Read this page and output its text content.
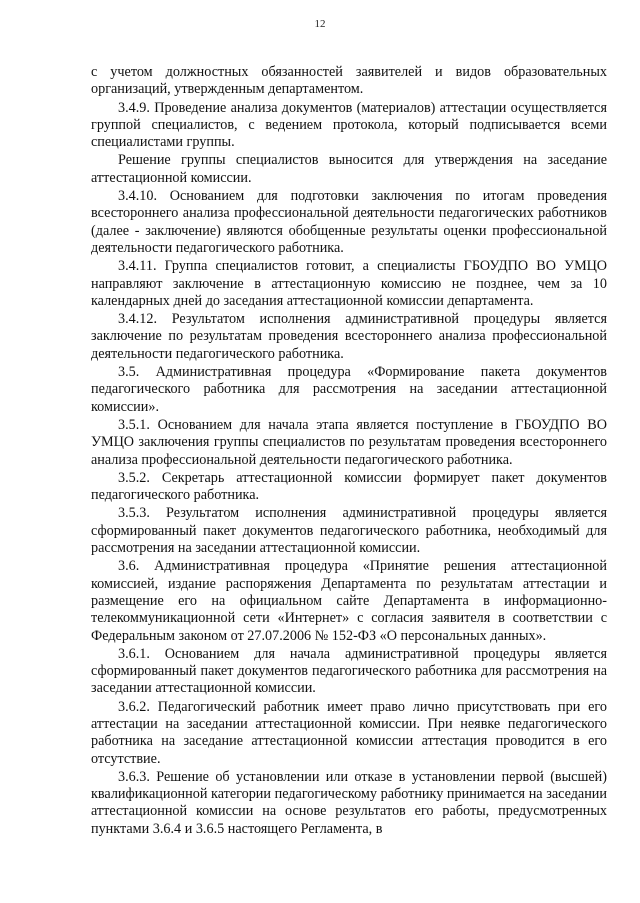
12

с учетом должностных обязанностей заявителей и видов образовательных организаций, утвержденным департаментом.

3.4.9. Проведение анализа документов (материалов) аттестации осуществляется группой специалистов, с ведением протокола, который подписывается всеми специалистами группы.

Решение группы специалистов выносится для утверждения на заседание аттестационной комиссии.

3.4.10. Основанием для подготовки заключения по итогам проведения всестороннего анализа профессиональной деятельности педагогических работников (далее - заключение) являются обобщенные результаты оценки профессиональной деятельности педагогического работника.

3.4.11. Группа специалистов готовит, а специалисты ГБОУДПО ВО УМЦО направляют заключение в аттестационную комиссию не позднее, чем за 10 календарных дней до заседания аттестационной комиссии департамента.

3.4.12. Результатом исполнения административной процедуры является заключение по результатам проведения всестороннего анализа профессиональной деятельности педагогического работника.

3.5. Административная процедура «Формирование пакета документов педагогического работника для рассмотрения на заседании аттестационной комиссии».

3.5.1. Основанием для начала этапа является поступление в ГБОУДПО ВО УМЦО заключения группы специалистов по результатам проведения всестороннего анализа профессиональной деятельности педагогического работника.

3.5.2. Секретарь аттестационной комиссии формирует пакет документов педагогического работника.

3.5.3. Результатом исполнения административной процедуры является сформированный пакет документов педагогического работника, необходимый для рассмотрения на заседании аттестационной комиссии.

3.6. Административная процедура «Принятие решения аттестационной комиссией, издание распоряжения Департамента по результатам аттестации и размещение его на официальном сайте Департамента в информационно-телекоммуникационной сети «Интернет» с согласия заявителя в соответствии с Федеральным законом от 27.07.2006 № 152-ФЗ «О персональных данных».

3.6.1. Основанием для начала административной процедуры является сформированный пакет документов педагогического работника для рассмотрения на заседании аттестационной комиссии.

3.6.2. Педагогический работник имеет право лично присутствовать при его аттестации на заседании аттестационной комиссии. При неявке педагогического работника на заседание аттестационной комиссии аттестация проводится в его отсутствие.

3.6.3. Решение об установлении или отказе в установлении первой (высшей) квалификационной категории педагогическому работнику принимается на заседании аттестационной комиссии на основе результатов его работы, предусмотренных пунктами 3.6.4 и 3.6.5 настоящего Регламента, в
